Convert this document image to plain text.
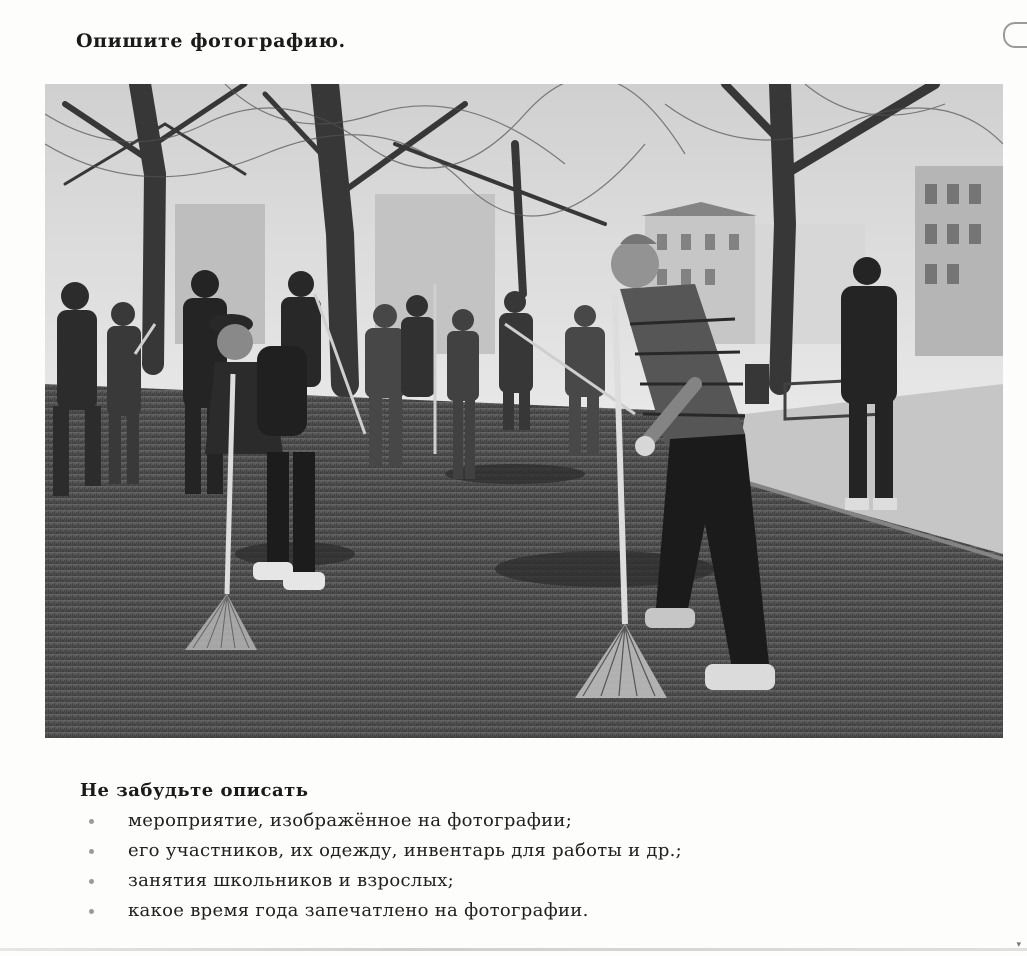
Опишите фотографию.
Не забудьте описать
мероприятие, изображённое на фотографии;
его участников, их одежду, инвентарь для работы и др.;
занятия школьников и взрослых;
какое время года запечатлено на фотографии.
▾
